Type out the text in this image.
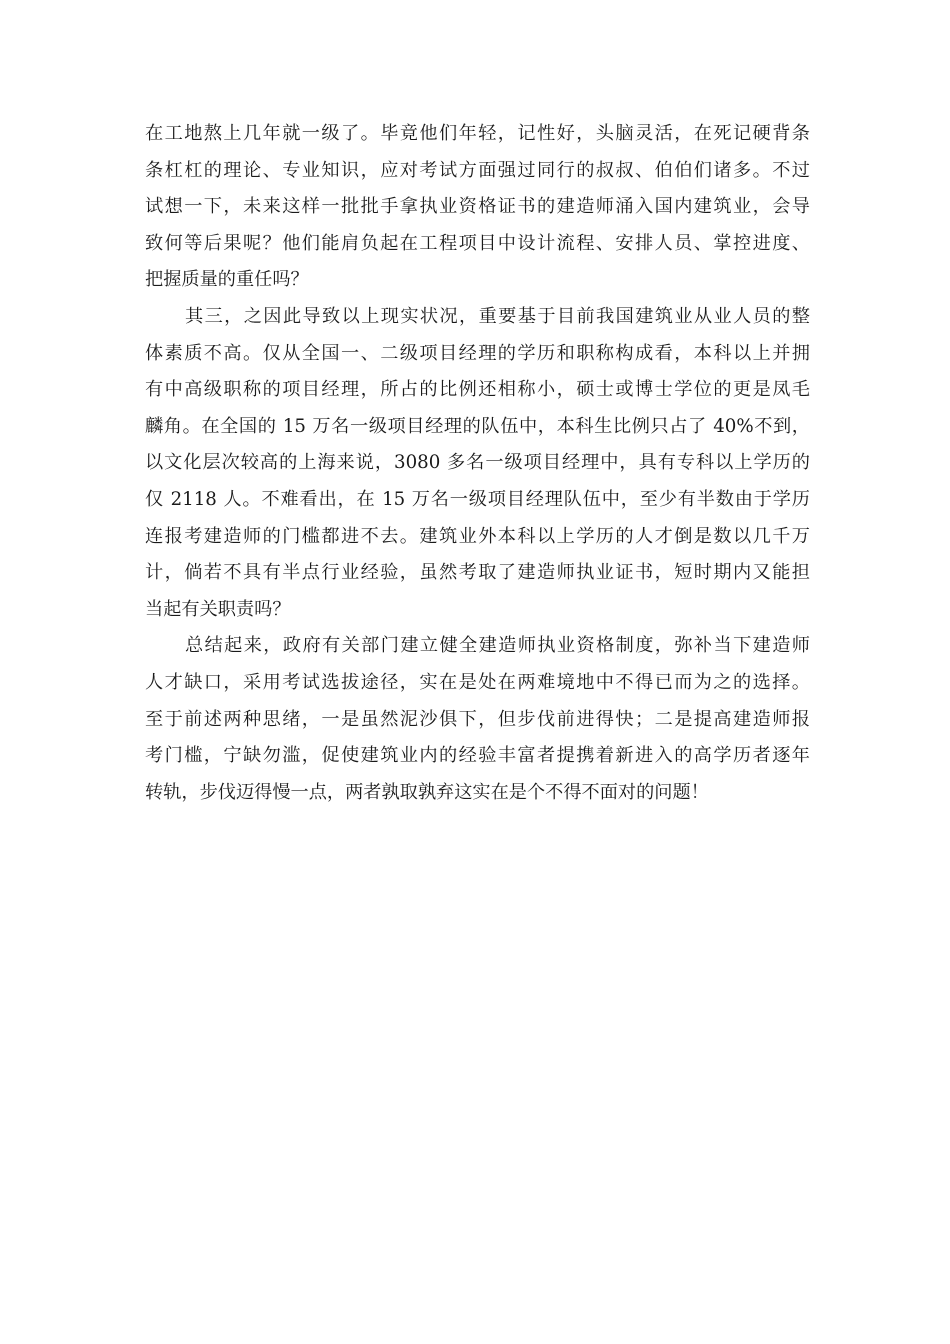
在工地熬上几年就一级了。毕竟他们年轻，记性好，头脑灵活，在死记硬背条
条杠杠的理论、专业知识，应对考试方面强过同行的叔叔、伯伯们诸多。不过
试想一下，未来这样一批批手拿执业资格证书的建造师涌入国内建筑业，会导
致何等后果呢？他们能肩负起在工程项目中设计流程、安排人员、掌控进度、
把握质量的重任吗？
其三，之因此导致以上现实状况，重要基于目前我国建筑业从业人员的整
体素质不高。仅从全国一、二级项目经理的学历和职称构成看，本科以上并拥
有中高级职称的项目经理，所占的比例还相称小，硕士或博士学位的更是凤毛
麟角。在全国的 15 万名一级项目经理的队伍中，本科生比例只占了 40%不到，
以文化层次较高的上海来说，3080 多名一级项目经理中，具有专科以上学历的
仅 2118 人。不难看出，在 15 万名一级项目经理队伍中，至少有半数由于学历
连报考建造师的门槛都进不去。建筑业外本科以上学历的人才倒是数以几千万
计，倘若不具有半点行业经验，虽然考取了建造师执业证书，短时期内又能担
当起有关职责吗？
总结起来，政府有关部门建立健全建造师执业资格制度，弥补当下建造师
人才缺口，采用考试选拔途径，实在是处在两难境地中不得已而为之的选择。
至于前述两种思绪，一是虽然泥沙俱下，但步伐前进得快；二是提高建造师报
考门槛，宁缺勿滥，促使建筑业内的经验丰富者提携着新进入的高学历者逐年
转轨，步伐迈得慢一点，两者孰取孰弃这实在是个不得不面对的问题！
